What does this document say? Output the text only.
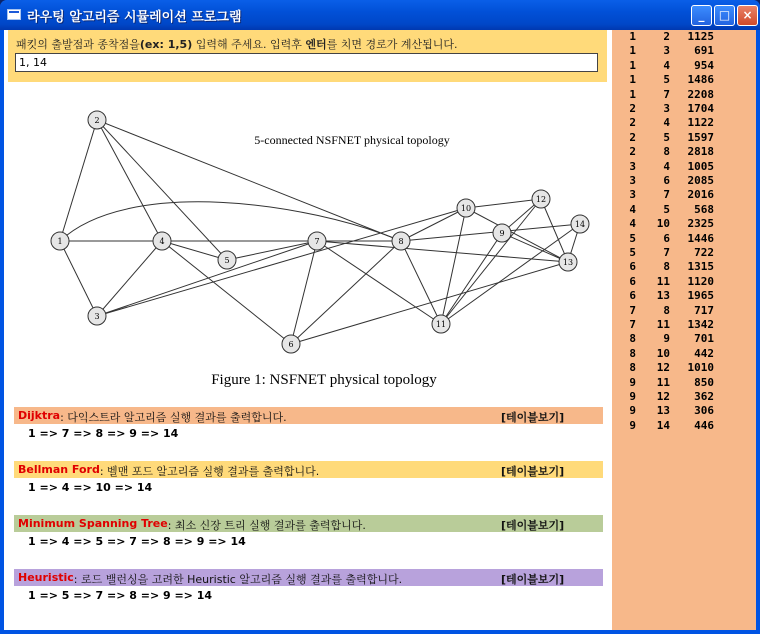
라우팅 알고리즘 시뮬레이션 프로그램	_	□	×
패킷의 출발점과 종착점을(ex: 1,5) 입력해 주세요. 입력후 엔터를 치면 경로가 계산됩니다.
1, 14
1
2
3
4
5
6
7	8
9
10
11
12
13
14
5-connected NSFNET physical topology
Figure 1: NSFNET physical topology
Dijktra : 다익스트라 알고리즘 실행 결과를 출력합니다.	[테이블보기]
1 => 7 => 8 => 9 => 14
Bellman Ford : 벨맨 포드 알고리즘 실행 결과를 출력합니다.	[테이블보기]
1 => 4 => 10 => 14
Minimum Spanning Tree : 최소 신장 트리 실행 결과를 출력합니다.	[테이블보기]
1 => 4 => 5 => 7 => 8 => 9 => 14
Heuristic : 로드 밸런싱을 고려한 Heuristic 알고리즘 실행 결과를 출력합니다.	[테이블보기]
1 => 5 => 7 => 8 => 9 => 14
1	2	1125
1	3	691
1	4	954
1	5	1486
1	7	2208
2	3	1704
2	4	1122
2	5	1597
2	8	2818
3	4	1005
3	6	2085
3	7	2016
4	5	568
4	10	2325
5	6	1446
5	7	722
6	8	1315
6	11	1120
6	13	1965
7	8	717
7	11	1342
8	9	701
8	10	442
8	12	1010
9	11	850
9	12	362
9	13	306
9	14	446
